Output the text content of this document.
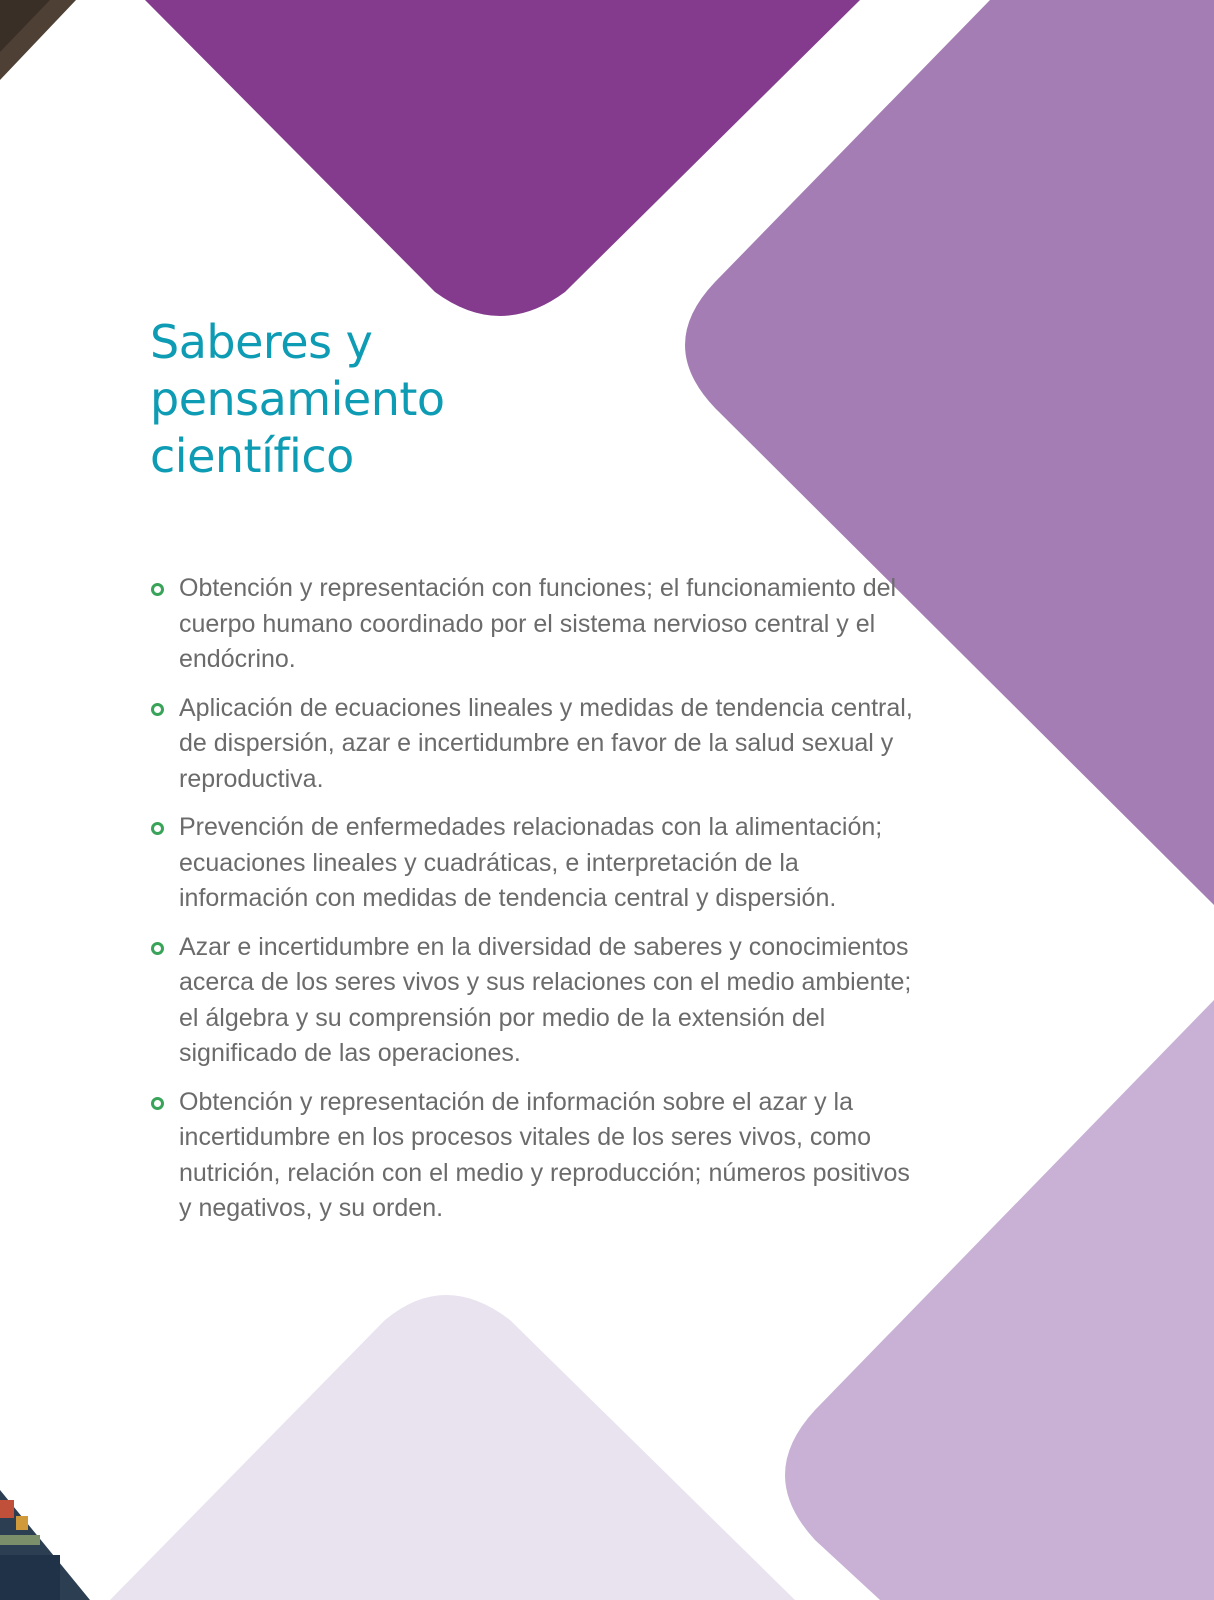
Saberes y
pensamiento
científico
Obtención y representación con funciones; el funcionamiento del cuerpo humano coordinado por el sistema nervioso central y el endócrino.
Aplicación de ecuaciones lineales y medidas de tendencia central, de dispersión, azar e incertidumbre en favor de la salud sexual y reproductiva.
Prevención de enfermedades relacionadas con la alimentación; ecuaciones lineales y cuadráticas, e interpretación de la información con medidas de tendencia central y dispersión.
Azar e incertidumbre en la diversidad de saberes y conocimientos acerca de los seres vivos y sus relaciones con el medio ambiente; el álgebra y su comprensión por medio de la extensión del significado de las operaciones.
Obtención y representación de información sobre el azar y la incertidumbre en los procesos vitales de los seres vivos, como nutrición, relación con el medio y reproducción; números positivos y negativos, y su orden.
